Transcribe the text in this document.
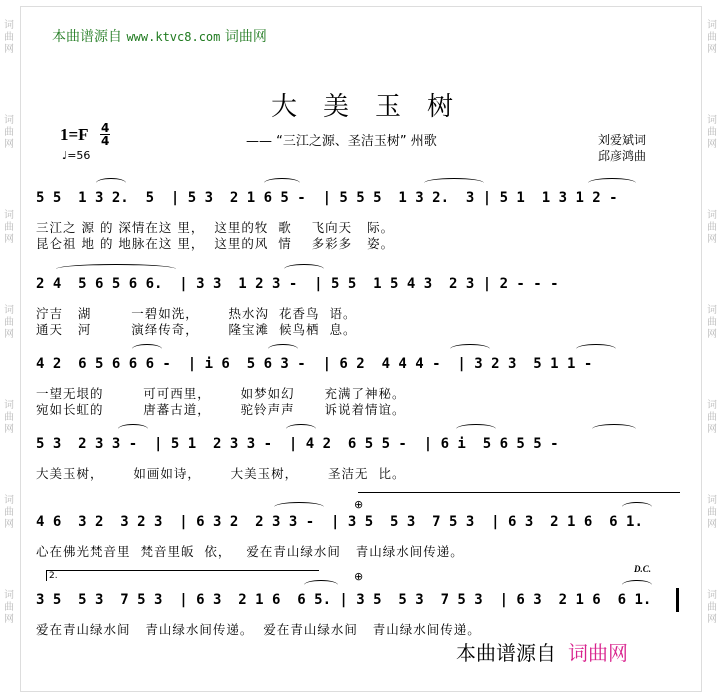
词
曲
网
词
曲
网
词
曲
网
词
曲
网
词
曲
网
词
曲
网
词
曲
网
词
曲
网
词
曲
网
词
曲
网
词
曲
网
词
曲
网
词
曲
网
词
曲
网
本曲谱源自 www.ktvc8.com 词曲网
大美玉树
1=F 4
4
♩=56
—— “三江之源、圣洁玉树” 州歌	刘爱斌词
邱彦鸿曲
5 5  1 3 2.  5  | 5 3  2 1 6 5 -  | 5 5 5  1 3 2.  3 | 5 1  1 3 1 2 -
三江之 源 的 深情在这 里，  这里的牧  歌    飞向天   际。
昆仑祖 地 的 地脉在这 里，  这里的风  情    多彩多   姿。
2 4  5 6 5 6 6.  | 3 3  1 2 3 -  | 5 5  1 5 4 3  2 3 | 2 - - -
泞吉   湖        一碧如洗，      热水沟  花香鸟  语。
通天   河        演绎传奇，      隆宝滩  候鸟栖  息。
4 2  6 5 6 6 6 -  | i 6  5 6 3 -  | 6 2  4 4 4 -  | 3 2 3  5 1 1 -
一望无垠的        可可西里，      如梦如幻      充满了神秘。
宛如长虹的        唐蕃古道，      驼铃声声      诉说着情谊。
5 3  2 3 3 -  | 5 1  2 3 3 -  | 4 2  6 5 5 -  | 6 i  5 6 5 5 -
大美玉树，      如画如诗，      大美玉树，      圣洁无  比。
4 6  3 2  3 2 3  | 6 3 2  2 3 3 -  | 3 5  5 3  7 5 3  | 6 3  2 1 6  6 1.
心在佛光梵音里  梵音里皈  依，   爱在青山绿水间   青山绿水间传递。
⊕
D.C.
2.	⊕
3 5  5 3  7 5 3  | 6 3  2 1 6  6 5. | 3 5  5 3  7 5 3  | 6 3  2 1 6  6 1.
爱在青山绿水间   青山绿水间传递。  爱在青山绿水间   青山绿水间传递。
本曲谱源自 词曲网
